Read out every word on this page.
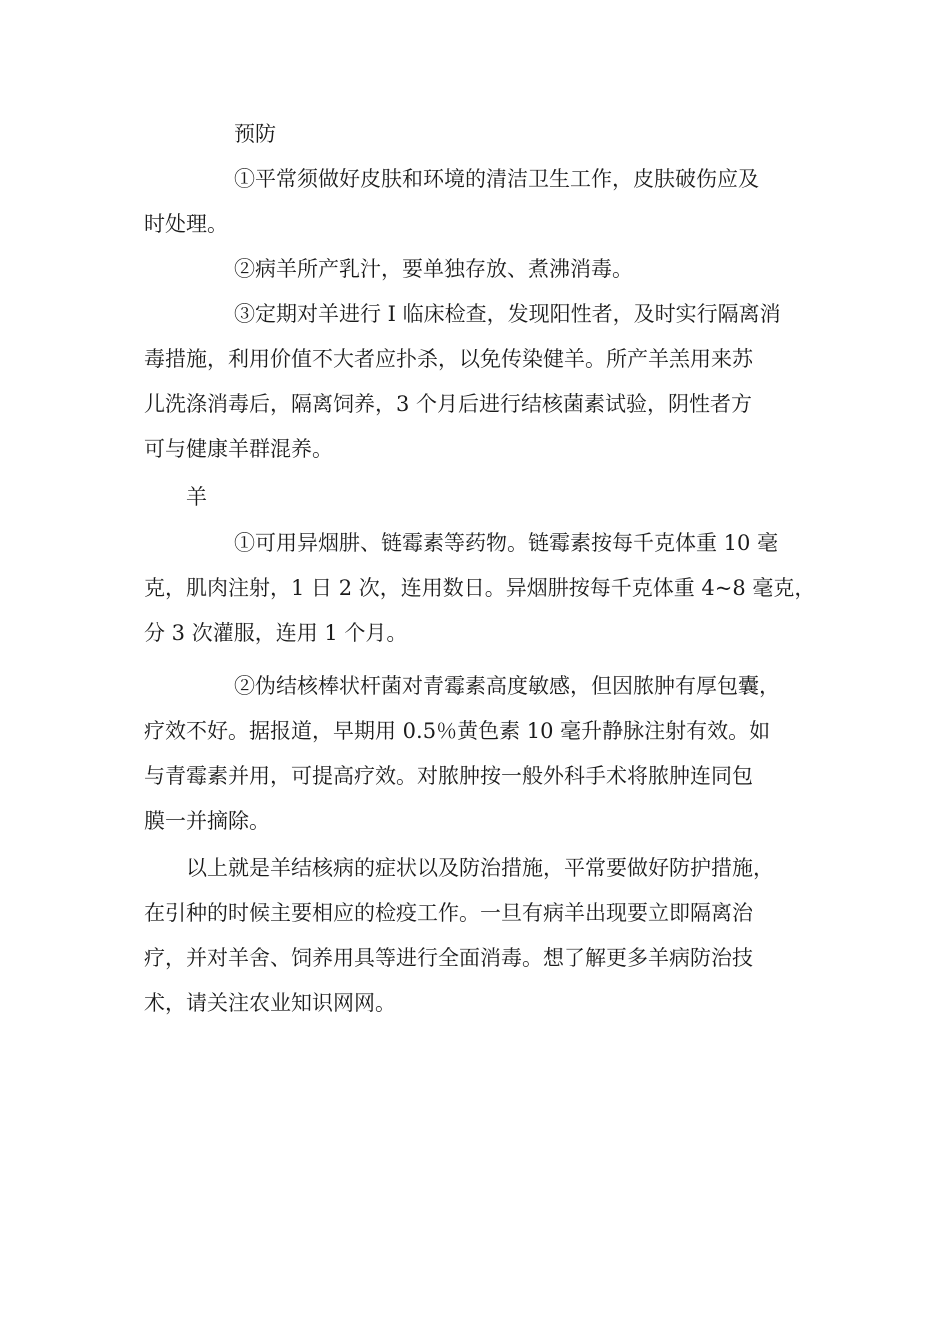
预防

①平常须做好皮肤和环境的清洁卫生工作，皮肤破伤应及
时处理。

②病羊所产乳汁，要单独存放、煮沸消毒。

③定期对羊进行 I 临床检查，发现阳性者，及时实行隔离消
毒措施，利用价值不大者应扑杀，以免传染健羊。所产羊羔用来苏
儿洗涤消毒后，隔离饲养，3 个月后进行结核菌素试验，阴性者方
可与健康羊群混养。

羊

①可用异烟肼、链霉素等药物。链霉素按每千克体重 10 毫
克，肌肉注射，1 日 2 次，连用数日。异烟肼按每千克体重 4~8 毫克，
分 3 次灌服，连用 1 个月。

②伪结核棒状杆菌对青霉素高度敏感，但因脓肿有厚包囊，
疗效不好。据报道，早期用 0.5％黄色素 10 毫升静脉注射有效。如
与青霉素并用，可提高疗效。对脓肿按一般外科手术将脓肿连同包
膜一并摘除。

以上就是羊结核病的症状以及防治措施，平常要做好防护措施，
在引种的时候主要相应的检疫工作。一旦有病羊出现要立即隔离治
疗，并对羊舍、饲养用具等进行全面消毒。想了解更多羊病防治技
术，请关注农业知识网网。
